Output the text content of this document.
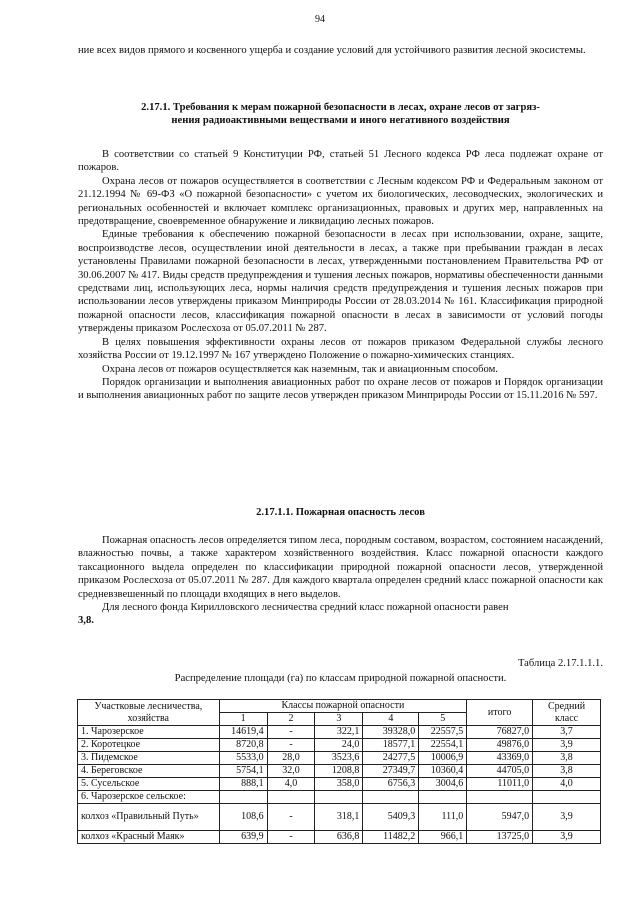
94

ние всех видов прямого и косвенного ущерба и создание условий для устойчивого развития лесной экосистемы.

2.17.1. Требования к мерам пожарной безопасности в лесах, охране лесов от загряз-
нения радиоактивными веществами и иного негативного воздействия

В соответствии со статьей 9 Конституции РФ, статьей 51 Лесного кодекса РФ леса подлежат охране от пожаров.

Охрана лесов от пожаров осуществляется в соответствии с Лесным кодексом РФ и Федеральным законом от 21.12.1994 № 69-ФЗ «О пожарной безопасности» с учетом их биологических, лесоводческих, экологических и региональных особенностей и включает комплекс организационных, правовых и других мер, направленных на предотвращение, своевременное обнаружение и ликвидацию лесных пожаров.

Единые требования к обеспечению пожарной безопасности в лесах при использовании, охране, защите, воспроизводстве лесов, осуществлении иной деятельности в лесах, а также при пребывании граждан в лесах установлены Правилами пожарной безопасности в лесах, утвержденными постановлением Правительства РФ от 30.06.2007 № 417. Виды средств предупреждения и тушения лесных пожаров, нормативы обеспеченности данными средствами лиц, использующих леса, нормы наличия средств предупреждения и тушения лесных пожаров при использовании лесов утверждены приказом Минприроды России от 28.03.2014 № 161. Классификация природной пожарной опасности лесов, классификация пожарной опасности в лесах в зависимости от условий погоды утверждены приказом Рослесхоза от 05.07.2011 № 287.

В целях повышения эффективности охраны лесов от пожаров приказом Федеральной службы лесного хозяйства России от 19.12.1997 № 167 утверждено Положение о пожарно-химических станциях.

Охрана лесов от пожаров осуществляется как наземным, так и авиационным способом.

Порядок организации и выполнения авиационных работ по охране лесов от пожаров и Порядок организации и выполнения авиационных работ по защите лесов утвержден приказом Минприроды России от 15.11.2016 № 597.

2.17.1.1. Пожарная опасность лесов

Пожарная опасность лесов определяется типом леса, породным составом, возрастом, состоянием насаждений, влажностью почвы, а также характером хозяйственного воздействия. Класс пожарной опасности каждого таксационного выдела определен по классификации природной пожарной опасности лесов, утвержденной приказом Рослесхоза от 05.07.2011 № 287. Для каждого квартала определен средний класс пожарной опасности как средневзвешенный по площади входящих в него выделов.

Для лесного фонда Кирилловского лесничества средний класс пожарной опасности равен

3,8.

Таблица 2.17.1.1.1.
Распределение площади (га) по классам природной пожарной опасности.
Участковые лесничества, хозяйства	Классы пожарной опасности					итого	Средний класс
	1	2	3	4	5		
1. Чарозерское	14619,4	-	322,1	39328,0	22557,5	76827,0	3,7
2. Коротецкое	8720,8	-	24,0	18577,1	22554,1	49876,0	3,9
3. Пидемское	5533,0	28,0	3523,6	24277,5	10006,9	43369,0	3,8
4. Береговское	5754,1	32,0	1208,8	27349,7	10360,4	44705,0	3,8
5. Сусельское	888,1	4,0	358,0	6756,3	3004,6	11011,0	4,0
6. Чарозерское сельское:							
колхоз «Правильный Путь»	108,6	-	318,1	5409,3	111,0	5947,0	3,9
колхоз «Красный Маяк»	639,9	-	636,8	11482,2	966,1	13725,0	3,9
